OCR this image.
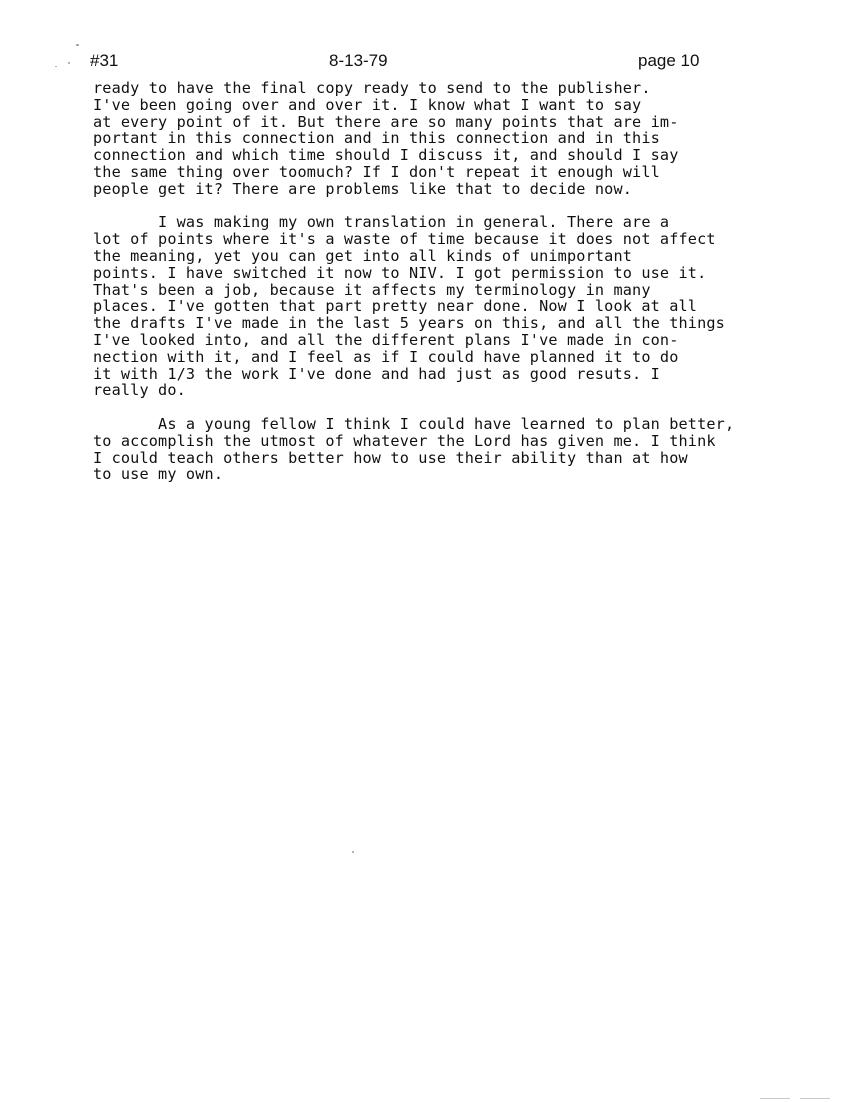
#31	8-13-79	page 10
ready to have the final copy ready to send to the publisher.
I've been going over and over it. I know what I want to say
at every point of it. But there are so many points that are im-
portant in this connection and in this connection and in this
connection and which time should I discuss it, and should I say
the same thing over toomuch? If I don't repeat it enough will
people get it? There are problems like that to decide now.
I was making my own translation in general. There are a
lot of points where it's a waste of time because it does not affect
the meaning, yet you can get into all kinds of unimportant
points. I have switched it now to NIV. I got permission to use it.
That's been a job, because it affects my terminology in many
places. I've gotten that part pretty near done. Now I look at all
the drafts I've made in the last 5 years on this, and all the things
I've looked into, and all the different plans I've made in con-
nection with it, and I feel as if I could have planned it to do
it with 1/3 the work I've done and had just as good resuts. I
really do.
As a young fellow I think I could have learned to plan better,
to accomplish the utmost of whatever the Lord has given me. I think
I could teach others better how to use their ability than at how
to use my own.
